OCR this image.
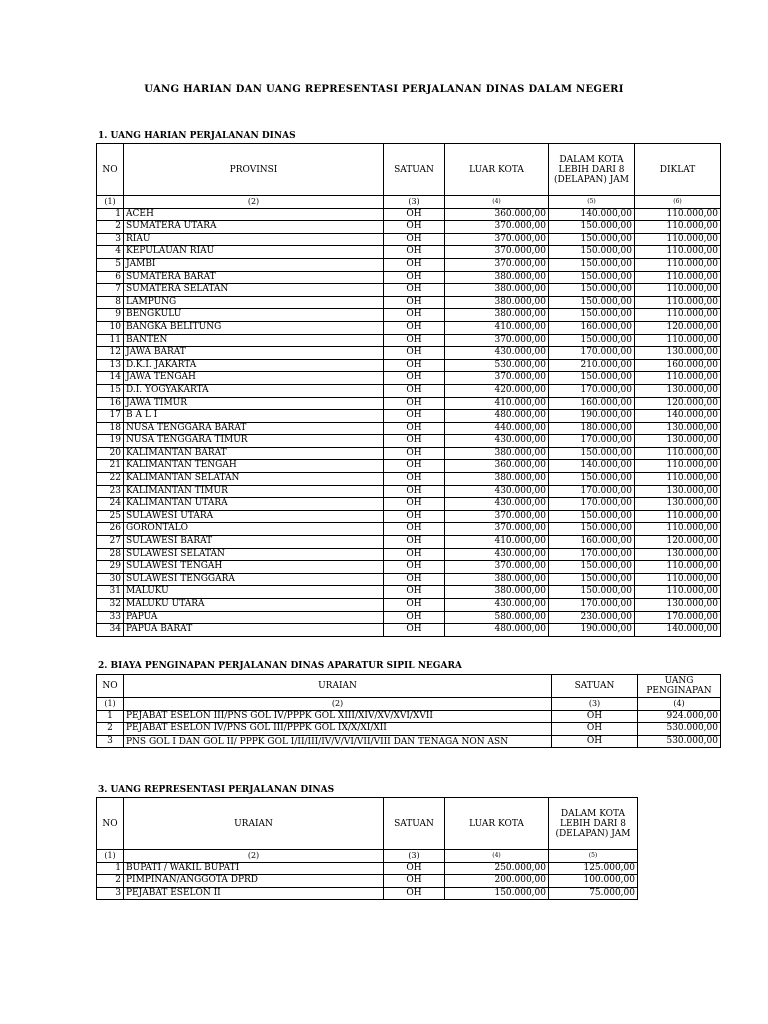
UANG HARIAN DAN UANG REPRESENTASI PERJALANAN DINAS DALAM NEGERI
1. UANG HARIAN PERJALANAN DINAS
NO	PROVINSI	SATUAN	LUAR KOTA	DALAM KOTA LEBIH DARI 8 (DELAPAN) JAM	DIKLAT
(1)	(2)	(3)	(4)	(5)	(6)
1	ACEH	OH	360.000,00	140.000,00	110.000,00
2	SUMATERA UTARA	OH	370.000,00	150.000,00	110.000,00
3	RIAU	OH	370.000,00	150.000,00	110.000,00
4	KEPULAUAN RIAU	OH	370.000,00	150.000,00	110.000,00
5	JAMBI	OH	370.000,00	150.000,00	110.000,00
6	SUMATERA BARAT	OH	380.000,00	150.000,00	110.000,00
7	SUMATERA SELATAN	OH	380.000,00	150.000,00	110.000,00
8	LAMPUNG	OH	380.000,00	150.000,00	110.000,00
9	BENGKULU	OH	380.000,00	150.000,00	110.000,00
10	BANGKA BELITUNG	OH	410.000,00	160.000,00	120.000,00
11	BANTEN	OH	370.000,00	150.000,00	110.000,00
12	JAWA BARAT	OH	430.000,00	170.000,00	130.000,00
13	D.K.I. JAKARTA	OH	530.000,00	210.000,00	160.000,00
14	JAWA TENGAH	OH	370.000,00	150.000,00	110.000,00
15	D.I. YOGYAKARTA	OH	420.000,00	170.000,00	130.000,00
16	JAWA TIMUR	OH	410.000,00	160.000,00	120.000,00
17	B A L I	OH	480.000,00	190.000,00	140.000,00
18	NUSA TENGGARA BARAT	OH	440.000,00	180.000,00	130.000,00
19	NUSA TENGGARA TIMUR	OH	430.000,00	170.000,00	130.000,00
20	KALIMANTAN BARAT	OH	380.000,00	150.000,00	110.000,00
21	KALIMANTAN TENGAH	OH	360.000,00	140.000,00	110.000,00
22	KALIMANTAN SELATAN	OH	380.000,00	150.000,00	110.000,00
23	KALIMANTAN TIMUR	OH	430.000,00	170.000,00	130.000,00
24	KALIMANTAN UTARA	OH	430.000,00	170.000,00	130.000,00
25	SULAWESI UTARA	OH	370.000,00	150.000,00	110.000,00
26	GORONTALO	OH	370.000,00	150.000,00	110.000,00
27	SULAWESI BARAT	OH	410.000,00	160.000,00	120.000,00
28	SULAWESI SELATAN	OH	430.000,00	170.000,00	130.000,00
29	SULAWESI TENGAH	OH	370.000,00	150.000,00	110.000,00
30	SULAWESI TENGGARA	OH	380.000,00	150.000,00	110.000,00
31	MALUKU	OH	380.000,00	150.000,00	110.000,00
32	MALUKU UTARA	OH	430.000,00	170.000,00	130.000,00
33	PAPUA	OH	580.000,00	230.000,00	170.000,00
34	PAPUA BARAT	OH	480.000,00	190.000,00	140.000,00
2. BIAYA PENGINAPAN PERJALANAN DINAS APARATUR SIPIL NEGARA
NO	URAIAN	SATUAN	UANG PENGINAPAN
(1)	(2)	(3)	(4)
1	PEJABAT ESELON III/PNS GOL IV/PPPK GOL XIII/XIV/XV/XVI/XVII	OH	924.000,00
2	PEJABAT ESELON IV/PNS GOL III/PPPK GOL IX/X/XI/XII	OH	530.000,00
3	PNS GOL I DAN GOL II/ PPPK GOL I/II/III/IV/V/VI/VII/VIII DAN TENAGA NON ASN	OH	530.000,00
3. UANG REPRESENTASI PERJALANAN DINAS
NO	URAIAN	SATUAN	LUAR KOTA	DALAM KOTA LEBIH DARI 8 (DELAPAN) JAM
(1)	(2)	(3)	(4)	(5)
1	BUPATI / WAKIL BUPATI	OH	250.000,00	125.000,00
2	PIMPINAN/ANGGOTA DPRD	OH	200.000,00	100.000,00
3	PEJABAT ESELON II	OH	150.000,00	75.000,00
